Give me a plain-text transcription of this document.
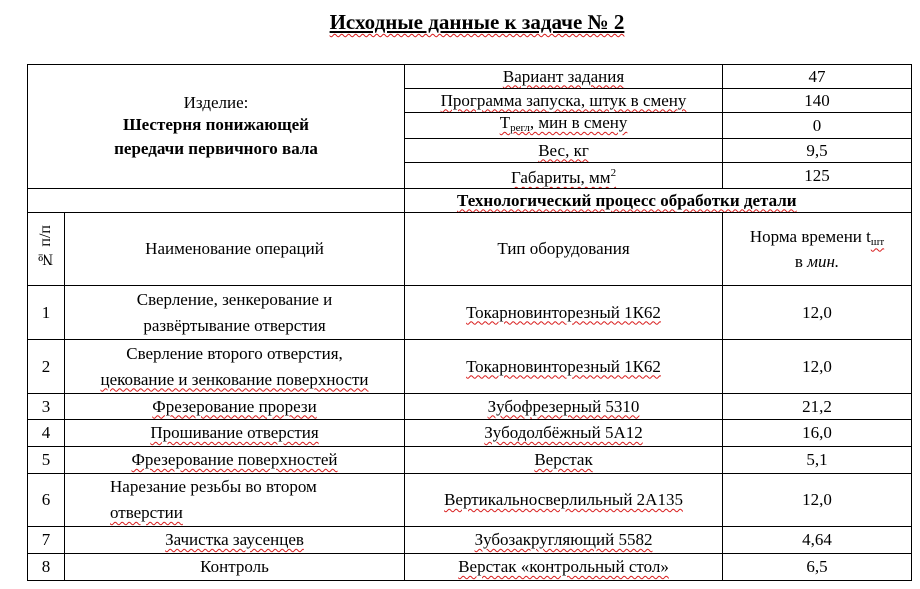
Исходные данные к задаче № 2
Изделие:
Шестерня понижающей
передачи первичного вала		Вариант задания	47
		Программа запуска, штук в смену	140
		$Т_{регл}$, мин в смену	0
		Вес, кг	9,5
		Габариты, $мм^2$	125
		Технологический процесс обработки детали	
№ п/п	Наименование операций	Тип оборудования	Норма времени $t_{шт}$
в мин.

1	Сверление, зенкерование и
развёртывание отверстия	Токарновинторезный 1К62	12,0
2	Сверление второго отверстия,
цекование и зенкование поверхности	Токарновинторезный 1К62	12,0
3	Фрезерование прорези	Зубофрезерный 5310	21,2
4	Прошивание отверстия	Зубодолбёжный 5А12	16,0
5	Фрезерование поверхностей	Верстак	5,1
6	Нарезание резьбы во втором
отверстии	Вертикальносверлильный 2А135	12,0
7	Зачистка заусенцев	Зубозакругляющий 5582	4,64
8	Контроль	Верстак «контрольный стол»	6,5
